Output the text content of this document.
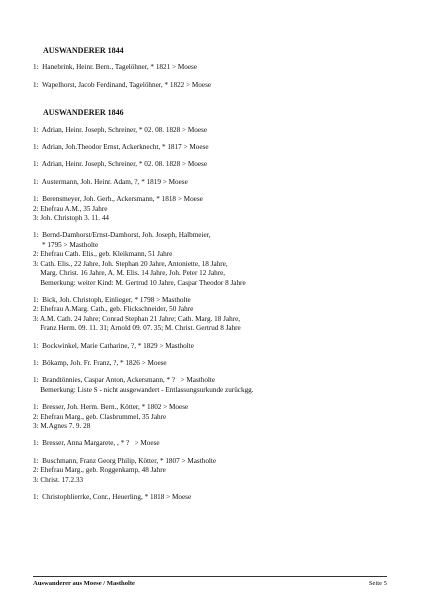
AUSWANDERER 1844
1:  Hanebrink, Heinr. Bern., Tagelöhner, * 1821 > Moese
1:  Wapelhorst, Jacob Ferdinand, Tagelöhner, * 1822 > Moese
AUSWANDERER 1846
1:  Adrian, Heinr. Joseph, Schreiner, * 02. 08. 1828 > Moese
1:  Adrian, Joh.Theodor Ernst, Ackerknecht, * 1817 > Moese
1:  Adrian, Heinr. Joseph, Schreiner, * 02. 08. 1828 > Moese
1:  Austermann, Joh. Heinr. Adam, ?, * 1819 > Moese
1:  Berensmeyer, Joh. Gerh., Ackersmann, * 1818 > Moese
2: Ehefrau A.M., 35 Jahre
3: Joh. Christoph 3. 11. 44
1:  Bernd-Damhorst/Ernst-Damhorst, Joh. Joseph, Halbmeier,
* 1795 > Mastholte
2: Ehefrau Cath. Elis., geb. Kleikmann, 51 Jahre
3: Cath. Elis., 22 Jahre, Joh. Stephan 20 Jahre, Antoniette, 18 Jahre,
Marg. Christ. 16 Jahre, A. M. Elis. 14 Jahre, Joh. Peter 12 Jahre,
Bemerkung: weiter Kind: M. Gertrud 10 Jahre, Caspar Theodor 8 Jahre
1:  Bick, Joh. Christoph, Einlieger, * 1798 > Mastholte
2: Ehefrau A.Marg. Cath., geb. Flickschneider, 50 Jahre
3: A.M. Cath. 24 Jahre; Conrad Stephan 21 Jahre; Cath. Marg. 18 Jahre,
Franz Herm. 09. 11. 31; Arnold 09. 07. 35; M. Christ. Gertrud 8 Jahre
1:  Bockwinkel, Marie Catharine, ?, * 1829 > Mastholte
1:  Bökamp, Joh. Fr. Franz, ?, * 1826 > Moese
1:  Brandtönnies, Caspar Anton, Ackersmann, * ?   > Mastholte
Bemerkung: Liste S - nicht ausgewandert - Entlassungsurkunde zurückgg.
1:  Bresser, Joh. Herm. Bern., Kötter, * 1802 > Moese
2: Ehefrau Marg., geb. Clasbrummel, 35 Jahre
3: M.Agnes 7. 9. 28
1:  Bresser, Anna Margarete, , * ?   > Moese
1:  Buschmann, Franz Georg Philip, Kötter, * 1807 > Mastholte
2: Ehefrau Marg., geb. Roggenkamp, 48 Jahre
3: Christ. 17.2.33
1:  Christophlierrke, Conr., Heuerling, * 1818 > Moese
Auswanderer aus Moese / Mastholte	Seite 5
